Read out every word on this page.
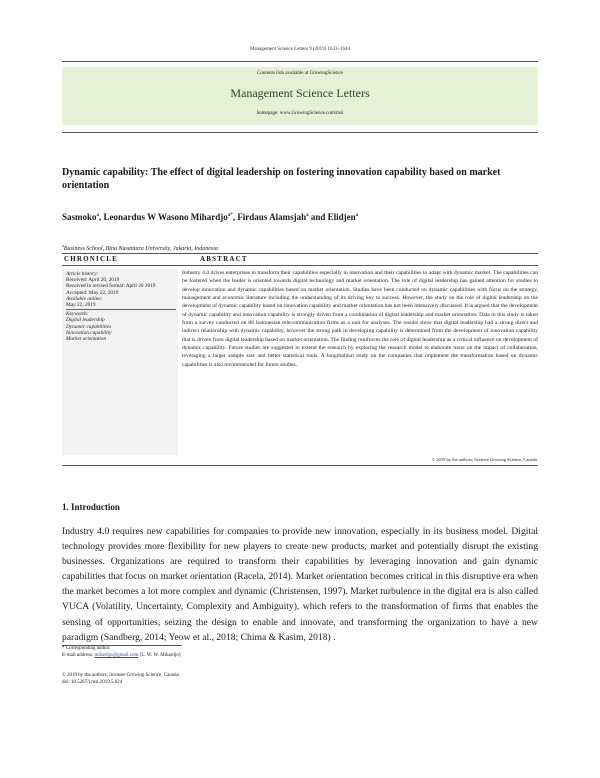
Management Science Letters 9 (2019) 1633–1644
Contents lists available at GrowingScience
Management Science Letters
homepage: www.GrowingScience.com/msl
Dynamic capability: The effect of digital leadership on fostering innovation capability based on market orientation
Sasmoko$^a$, Leonardus W Wasono Mihardjo$^{a*}$, Firdaus Alamsjah$^a$ and Elidjen$^a$
$^a$Business School, Bina Nusantara University, Jakarta, Indonesia
CHRONICLE	ABSTRACT
Article history:
Received: April 20, 2019
Received in revised format: April 20 2019
Accepted: May 22, 2019
Available online:
May 22, 2019
Keywords:
Digital leadership
Dynamic capabilities
Innovation capability
Market orientation
Industry 4.0 drives enterprises to transform their capabilities especially in innovation and their capabilities to adapt with dynamic market. The capabilities can be fostered when the leader is oriented towards digital technology and market orientation. The role of digital leadership has gained attention for studies to develop innovation and dynamic capabilities based on market orientation. Studies have been conducted on dynamic capabilities with focus on the strategy, management and economic literature including the understanding of its driving key to success. However, the study on the role of digital leadership on the development of dynamic capability based on innovation capability and market orientation has not been intensively discussed. It is argued that the development of dynamic capability and innovation capability is strongly driven from a combination of digital leadership and market orientation. Data in this study is taken from a survey conducted on 88 Indonesian telecommunication firms as a unit for analyses. The results show that digital leadership had a strong direct and indirect relationship with dynamic capability, however the strong path in developing capability is determined from the development of innovation capability that is driven from digital leadership based on market orientation. The finding reinforces the role of digital leadership as a critical influence on development of dynamic capability. Future studies are suggested to extend the research by exploring the research model to elaborate more on the impact of collaboration, leveraging a larger sample size and better statistical tools. A longitudinal study on the companies that implement the transformation based on dynamic capabilities is also recommended for future studies.
© 2019 by the authors; licensee Growing Science, Canada.
1. Introduction
Industry 4.0 requires new capabilities for companies to provide new innovation, especially in its business model. Digital technology provides more flexibility for new players to create new products, market and potentially disrupt the existing businesses. Organizations are required to transform their capabilities by leveraging innovation and gain dynamic capabilities that focus on market orientation (Racela, 2014). Market orientation becomes critical in this disruptive era when the market becomes a lot more complex and dynamic (Christensen, 1997). Market turbulence in the digital era is also called VUCA (Volatility, Uncertainty, Complexity and Ambiguity), which refers to the transformation of firms that enables the sensing of opportunities, seizing the design to enable and innovate, and transforming the organization to have a new paradigm (Sandberg, 2014; Yeow et al., 2018; Chima & Kasim, 2018) .
* Corresponding author.
E-mail address: mihardjo@gmail.com (L. W. W. Mihardjo)
© 2019 by the authors; licensee Growing Science, Canada
doi: 10.5267/j.msl.2019.5.024
